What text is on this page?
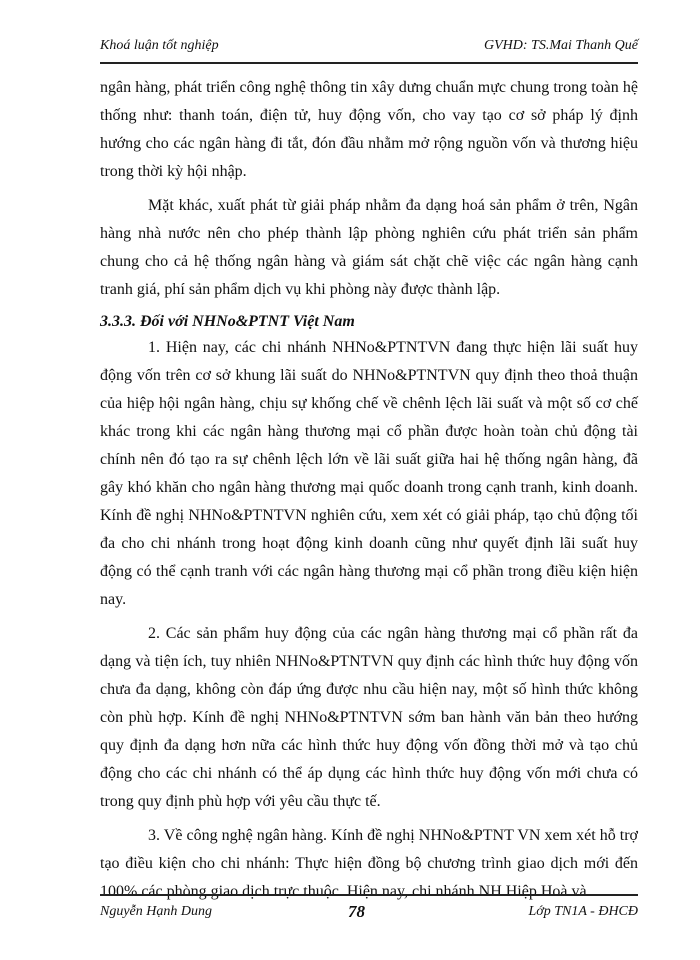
Khoá luận tốt nghiệp	GVHD: TS.Mai Thanh Quế

ngân hàng, phát triển công nghệ thông tin xây dưng chuẩn mực chung trong toàn hệ thống như: thanh toán, điện tử, huy động vốn, cho vay tạo cơ sở pháp lý định hướng cho các ngân hàng đi tắt, đón đầu nhằm mở rộng nguồn vốn và thương hiệu trong thời kỳ hội nhập.

Mặt khác, xuất phát từ giải pháp nhằm đa dạng hoá sản phẩm ở trên, Ngân hàng nhà nước nên cho phép thành lập phòng nghiên cứu phát triển sản phẩm chung cho cả hệ thống ngân hàng và giám sát chặt chẽ việc các ngân hàng cạnh tranh giá, phí sản phẩm dịch vụ khi phòng này được thành lập.

3.3.3. Đối với NHNo&PTNT Việt Nam

1. Hiện nay, các chi nhánh NHNo&PTNTVN đang thực hiện lãi suất huy động vốn trên cơ sở khung lãi suất do NHNo&PTNTVN quy định theo thoả thuận của hiệp hội ngân hàng, chịu sự khống chế về chênh lệch lãi suất và một số cơ chế khác trong khi các ngân hàng thương mại cổ phần được hoàn toàn chủ động tài chính nên đó tạo ra sự chênh lệch lớn về lãi suất giữa hai hệ thống ngân hàng, đã gây khó khăn cho ngân hàng thương mại quốc doanh trong cạnh tranh, kinh doanh. Kính đề nghị NHNo&PTNTVN nghiên cứu, xem xét có giải pháp, tạo chủ động tối đa cho chi nhánh trong hoạt động kinh doanh cũng như quyết định lãi suất huy động có thể cạnh tranh với các ngân hàng thương mại cổ phần trong điều kiện hiện nay.

2. Các sản phẩm huy động của các ngân hàng thương mại cổ phần rất đa dạng và tiện ích, tuy nhiên NHNo&PTNTVN quy định các hình thức huy động vốn chưa đa dạng, không còn đáp ứng được nhu cầu hiện nay, một số hình thức không còn phù hợp. Kính đề nghị NHNo&PTNTVN sớm ban hành văn bản theo hướng quy định đa dạng hơn nữa các hình thức huy động vốn đồng thời mở và tạo chủ động cho các chi nhánh có thể áp dụng các hình thức huy động vốn mới chưa có trong quy định phù hợp với yêu cầu thực tế.

3. Về công nghệ ngân hàng. Kính đề nghị NHNo&PTNT VN xem xét hỗ trợ tạo điều kiện cho chi nhánh: Thực hiện đồng bộ chương trình giao dịch mới đến 100% các phòng giao dịch trực thuộc. Hiện nay, chi nhánh NH Hiệp Hoà và

Nguyễn Hạnh Dung	78	Lớp TN1A - ĐHCĐ
